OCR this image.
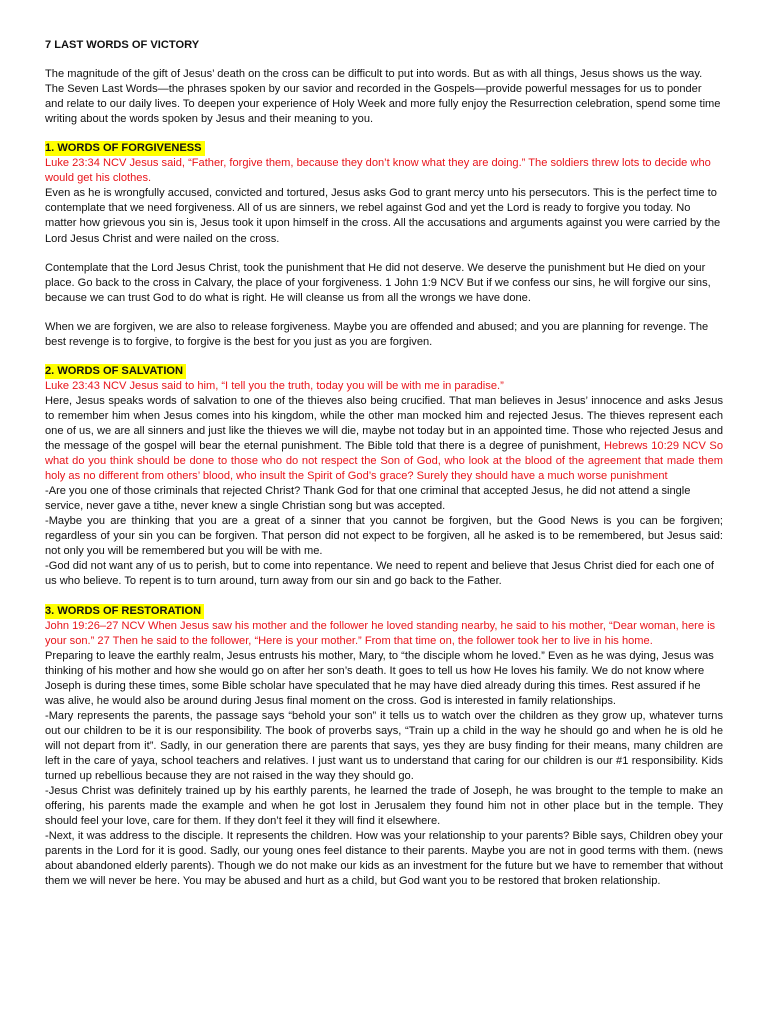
7 LAST WORDS OF VICTORY

The magnitude of the gift of Jesus’ death on the cross can be difficult to put into words. But as with all things, Jesus shows us the way. The Seven Last Words—the phrases spoken by our savior and recorded in the Gospels—provide powerful messages for us to ponder and relate to our daily lives. To deepen your experience of Holy Week and more fully enjoy the Resurrection celebration, spend some time writing about the words spoken by Jesus and their meaning to you.

1. WORDS OF FORGIVENESS

Luke 23:34 NCV Jesus said, “Father, forgive them, because they don’t know what they are doing.” The soldiers threw lots to decide who would get his clothes.

Even as he is wrongfully accused, convicted and tortured, Jesus asks God to grant mercy unto his persecutors. This is the perfect time to contemplate that we need forgiveness. All of us are sinners, we rebel against God and yet the Lord is ready to forgive you today. No matter how grievous you sin is, Jesus took it upon himself in the cross. All the accusations and arguments against you were carried by the Lord Jesus Christ and were nailed on the cross.

Contemplate that the Lord Jesus Christ, took the punishment that He did not deserve. We deserve the punishment but He died on your place. Go back to the cross in Calvary, the place of your forgiveness. 1 John 1:9 NCV But if we confess our sins, he will forgive our sins, because we can trust God to do what is right. He will cleanse us from all the wrongs we have done.

When we are forgiven, we are also to release forgiveness. Maybe you are offended and abused; and you are planning for revenge. The best revenge is to forgive, to forgive is the best for you just as you are forgiven.

2. WORDS OF SALVATION

Luke 23:43 NCV Jesus said to him, “I tell you the truth, today you will be with me in paradise.”

Here, Jesus speaks words of salvation to one of the thieves also being crucified. That man believes in Jesus’ innocence and asks Jesus to remember him when Jesus comes into his kingdom, while the other man mocked him and rejected Jesus. The thieves represent each one of us, we are all sinners and just like the thieves we will die, maybe not today but in an appointed time. Those who rejected Jesus and the message of the gospel will bear the eternal punishment. The Bible told that there is a degree of punishment, Hebrews 10:29 NCV So what do you think should be done to those who do not respect the Son of God, who look at the blood of the agreement that made them holy as no different from others’ blood, who insult the Spirit of God’s grace? Surely they should have a much worse punishment

-Are you one of those criminals that rejected Christ? Thank God for that one criminal that accepted Jesus, he did not attend a single service, never gave a tithe, never knew a single Christian song but was accepted.

-Maybe you are thinking that you are a great of a sinner that you cannot be forgiven, but the Good News is you can be forgiven; regardless of your sin you can be forgiven. That person did not expect to be forgiven, all he asked is to be remembered, but Jesus said: not only you will be remembered but you will be with me.

-God did not want any of us to perish, but to come into repentance. We need to repent and believe that Jesus Christ died for each one of us who believe. To repent is to turn around, turn away from our sin and go back to the Father.

3. WORDS OF RESTORATION

John 19:26–27 NCV When Jesus saw his mother and the follower he loved standing nearby, he said to his mother, “Dear woman, here is your son.” 27 Then he said to the follower, “Here is your mother.” From that time on, the follower took her to live in his home.

Preparing to leave the earthly realm, Jesus entrusts his mother, Mary, to “the disciple whom he loved.” Even as he was dying, Jesus was thinking of his mother and how she would go on after her son’s death. It goes to tell us how He loves his family. We do not know where Joseph is during these times, some Bible scholar have speculated that he may have died already during this times. Rest assured if he was alive, he would also be around during Jesus final moment on the cross. God is interested in family relationships.

-Mary represents the parents, the passage says “behold your son” it tells us to watch over the children as they grow up, whatever turns out our children to be it is our responsibility. The book of proverbs says, “Train up a child in the way he should go and when he is old he will not depart from it”. Sadly, in our generation there are parents that says, yes they are busy finding for their means, many children are left in the care of yaya, school teachers and relatives. I just want us to understand that caring for our children is our #1 responsibility. Kids turned up rebellious because they are not raised in the way they should go.

-Jesus Christ was definitely trained up by his earthly parents, he learned the trade of Joseph, he was brought to the temple to make an offering, his parents made the example and when he got lost in Jerusalem they found him not in other place but in the temple. They should feel your love, care for them. If they don’t feel it they will find it elsewhere.

-Next, it was address to the disciple. It represents the children. How was your relationship to your parents? Bible says, Children obey your parents in the Lord for it is good. Sadly, our young ones feel distance to their parents. Maybe you are not in good terms with them. (news about abandoned elderly parents). Though we do not make our kids as an investment for the future but we have to remember that without them we will never be here. You may be abused and hurt as a child, but God want you to be restored that broken relationship.
